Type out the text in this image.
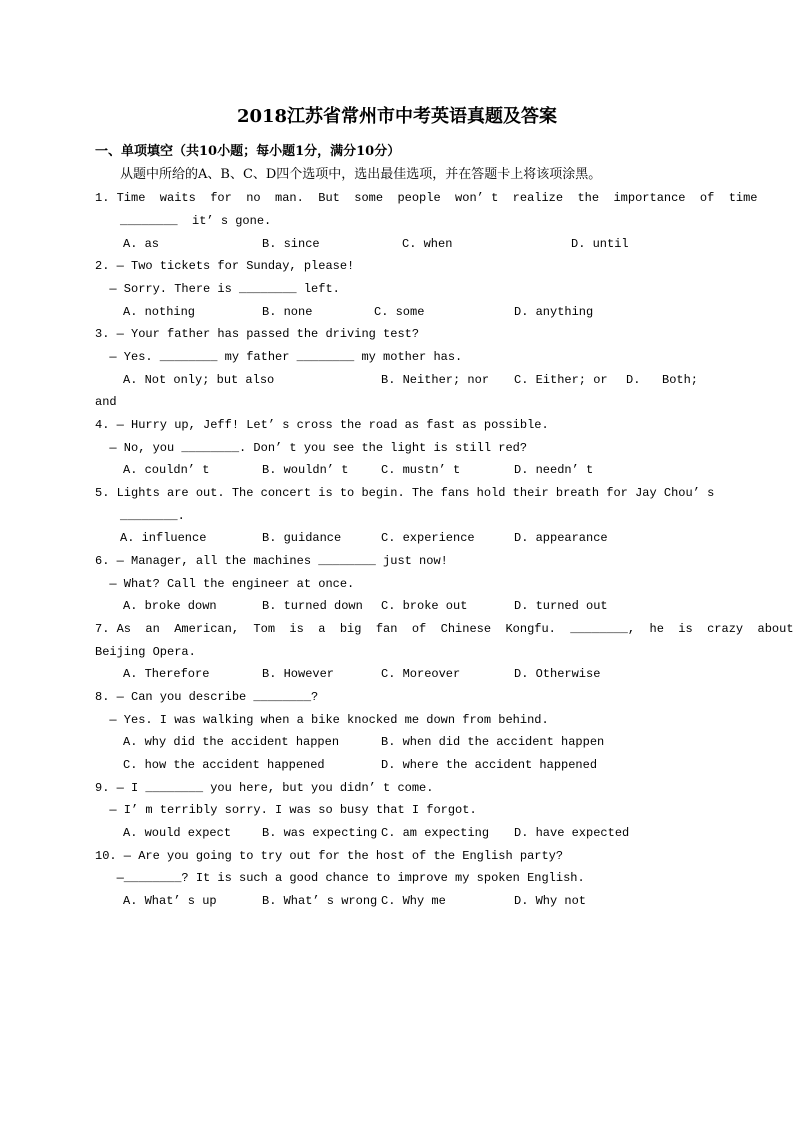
2018江苏省常州市中考英语真题及答案
一、单项填空（共10小题；每小题1分，满分10分）
从题中所给的A、B、C、D四个选项中，选出最佳选项，并在答题卡上将该项涂黑。
1. Time  waits  for  no  man.  But  some  people  won’ t  realize  the  importance  of  time
________  it’ s gone.
A. as	B. since	C. when	D. until
2. — Two tickets for Sunday, please!
— Sorry. There is ________ left.
A. nothing	B. none	C. some	D. anything
3. — Your father has passed the driving test?
— Yes. ________ my father ________ my mother has.
A. Not only; but also	B. Neither; nor C. Either; or D.   Both;
and
4. — Hurry up, Jeff! Let’ s cross the road as fast as possible.
— No, you ________. Don’ t you see the light is still red?
A. couldn’ t	B. wouldn’ t	C. mustn’ t	D. needn’ t
5. Lights are out. The concert is to begin. The fans hold their breath for Jay Chou’ s
________.
A. influence	B. guidance	C. experience	D. appearance
6. — Manager, all the machines ________ just now!
— What? Call the engineer at once.
A. broke down	B. turned down C. broke out	D. turned out
7. As  an  American,  Tom  is  a  big  fan  of  Chinese  Kongfu.  ________,  he  is  crazy  about
Beijing Opera.
A. Therefore	B. However	C. Moreover	D. Otherwise
8. — Can you describe ________?
— Yes. I was walking when a bike knocked me down from behind.
A. why did the accident happen	B. when did the accident happen
C. how the accident happened	D. where the accident happened
9. — I ________ you here, but you didn’ t come.
— I’ m terribly sorry. I was so busy that I forgot.
A. would expect	B. was expecting C. am expecting D. have expected
10. — Are you going to try out for the host of the English party?
—________? It is such a good chance to improve my spoken English.
A. What’ s up	B. What’ s wrong C. Why me	D. Why not
